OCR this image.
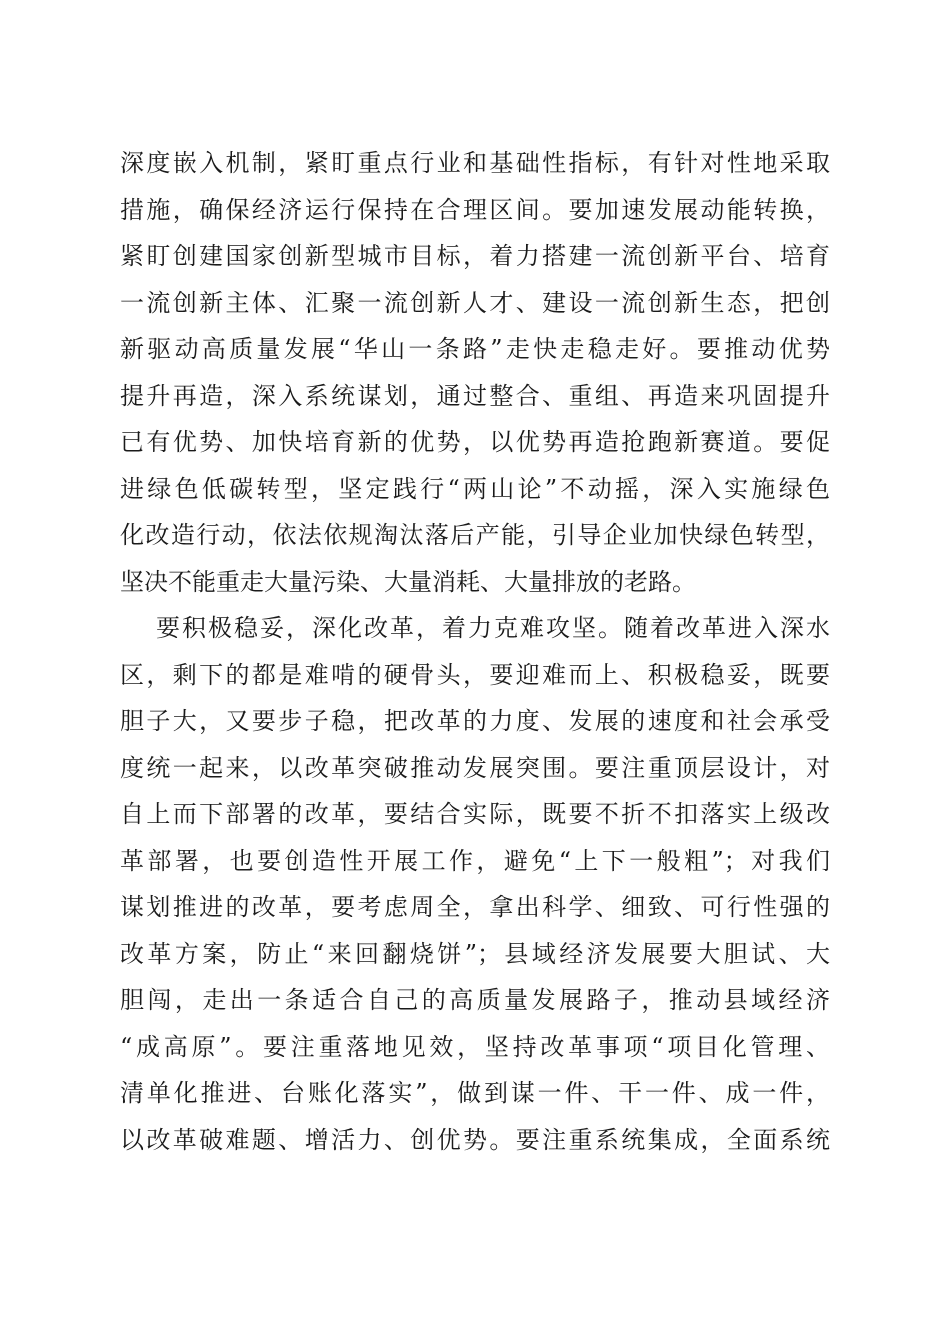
深度嵌入机制，紧盯重点行业和基础性指标，有针对性地采取
措施，确保经济运行保持在合理区间。要加速发展动能转换，
紧盯创建国家创新型城市目标，着力搭建一流创新平台、培育
一流创新主体、汇聚一流创新人才、建设一流创新生态，把创
新驱动高质量发展“华山一条路”走快走稳走好。要推动优势
提升再造，深入系统谋划，通过整合、重组、再造来巩固提升
已有优势、加快培育新的优势，以优势再造抢跑新赛道。要促
进绿色低碳转型，坚定践行“两山论”不动摇，深入实施绿色
化改造行动，依法依规淘汰落后产能，引导企业加快绿色转型，
坚决不能重走大量污染、大量消耗、大量排放的老路。
要积极稳妥，深化改革，着力克难攻坚。随着改革进入深水
区，剩下的都是难啃的硬骨头，要迎难而上、积极稳妥，既要
胆子大，又要步子稳，把改革的力度、发展的速度和社会承受
度统一起来，以改革突破推动发展突围。要注重顶层设计，对
自上而下部署的改革，要结合实际，既要不折不扣落实上级改
革部署，也要创造性开展工作，避免“上下一般粗”；对我们
谋划推进的改革，要考虑周全，拿出科学、细致、可行性强的
改革方案，防止“来回翻烧饼”；县域经济发展要大胆试、大
胆闯，走出一条适合自己的高质量发展路子，推动县域经济
“成高原”。要注重落地见效，坚持改革事项“项目化管理、
清单化推进、台账化落实”，做到谋一件、干一件、成一件，
以改革破难题、增活力、创优势。要注重系统集成，全面系统
